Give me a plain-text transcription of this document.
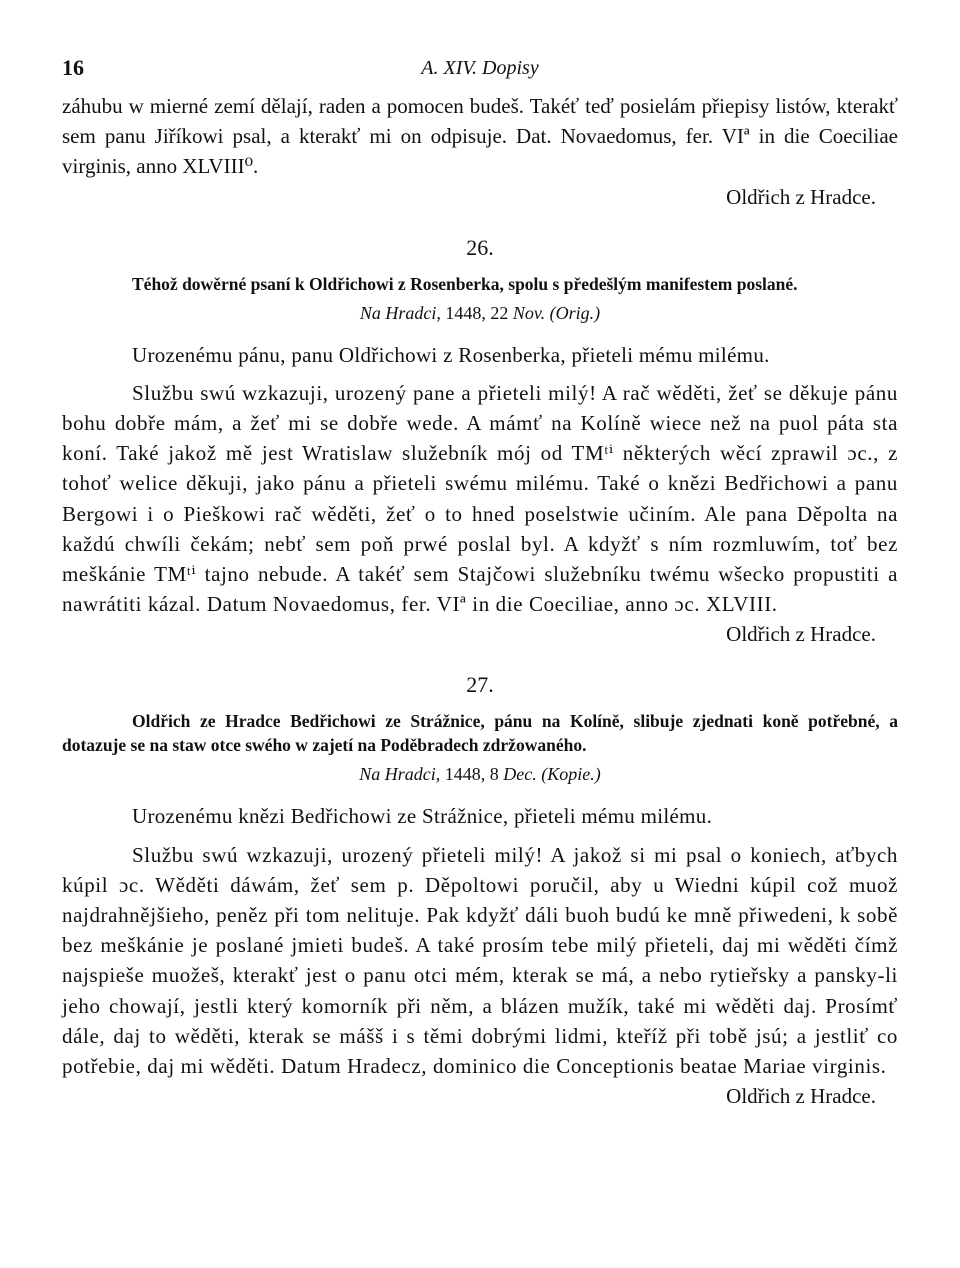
16	A. XIV. Dopisy

záhubu w mierné zemí dělají, raden a pomocen budeš. Takéť teď posielám přiepisy listów, kterakť sem panu Jiříkowi psal, a kterakť mi on odpisuje. Dat. Novaedomus, fer. VIª in die Coeciliae virginis, anno XLVIII⁰.

Oldřich z Hradce.
26.

Téhož dowěrné psaní k Oldřichowi z Rosenberka, spolu s předešlým manifestem poslané.

Na Hradci, 1448, 22 Nov. (Orig.)

Urozenému pánu, panu Oldřichowi z Rosenberka, přieteli mému milému.

Službu swú wzkazuji, urozený pane a přieteli milý! A rač wěděti, žeť se děkuje pánu bohu dobře mám, a žeť mi se dobře wede. A mámť na Kolíně wiece než na puol páta sta koní. Také jakož mě jest Wratislaw služebník mój od TMᵗⁱ některých wěcí zprawil ɔc., z tohoť welice děkuji, jako pánu a přieteli swému milému. Také o knězi Bedřichowi a panu Bergowi i o Pieškowi rač wěděti, žeť o to hned poselstwie učiním. Ale pana Děpolta na každú chwíli čekám; nebť sem poň prwé poslal byl. A kdyžť s ním rozmluwím, toť bez meškánie TMᵗⁱ tajno nebude. A takéť sem Stajčowi služebníku twému wšecko propustiti a nawrátiti kázal. Datum Novaedomus, fer. VIª in die Coeciliae, anno ɔc. XLVIII.

Oldřich z Hradce.
27.

Oldřich ze Hradce Bedřichowi ze Strážnice, pánu na Kolíně, slibuje zjednati koně potřebné, a dotazuje se na staw otce swého w zajetí na Poděbradech zdržowaného.

Na Hradci, 1448, 8 Dec. (Kopie.)

Urozenému knězi Bedřichowi ze Strážnice, přieteli mému milému.

Službu swú wzkazuji, urozený přieteli milý! A jakož si mi psal o koniech, aťbych kúpil ɔc. Wěděti dáwám, žeť sem p. Děpoltowi poručil, aby u Wiedni kúpil což muož najdrahnějšieho, peněz při tom nelituje. Pak kdyžť dáli buoh budú ke mně přiwedeni, k sobě bez meškánie je poslané jmieti budeš. A také prosím tebe milý přieteli, daj mi wěděti čímž najspieše muožeš, kterakť jest o panu otci mém, kterak se má, a nebo rytieřsky a pansky-li jeho chowají, jestli který komorník při něm, a blázen mužík, také mi wěděti daj. Prosímť dále, daj to wěděti, kterak se mášš i s těmi dobrými lidmi, kteříž při tobě jsú; a jestliť co potřebie, daj mi wěděti. Datum Hradecz, dominico die Conceptionis beatae Mariae virginis.

Oldřich z Hradce.
